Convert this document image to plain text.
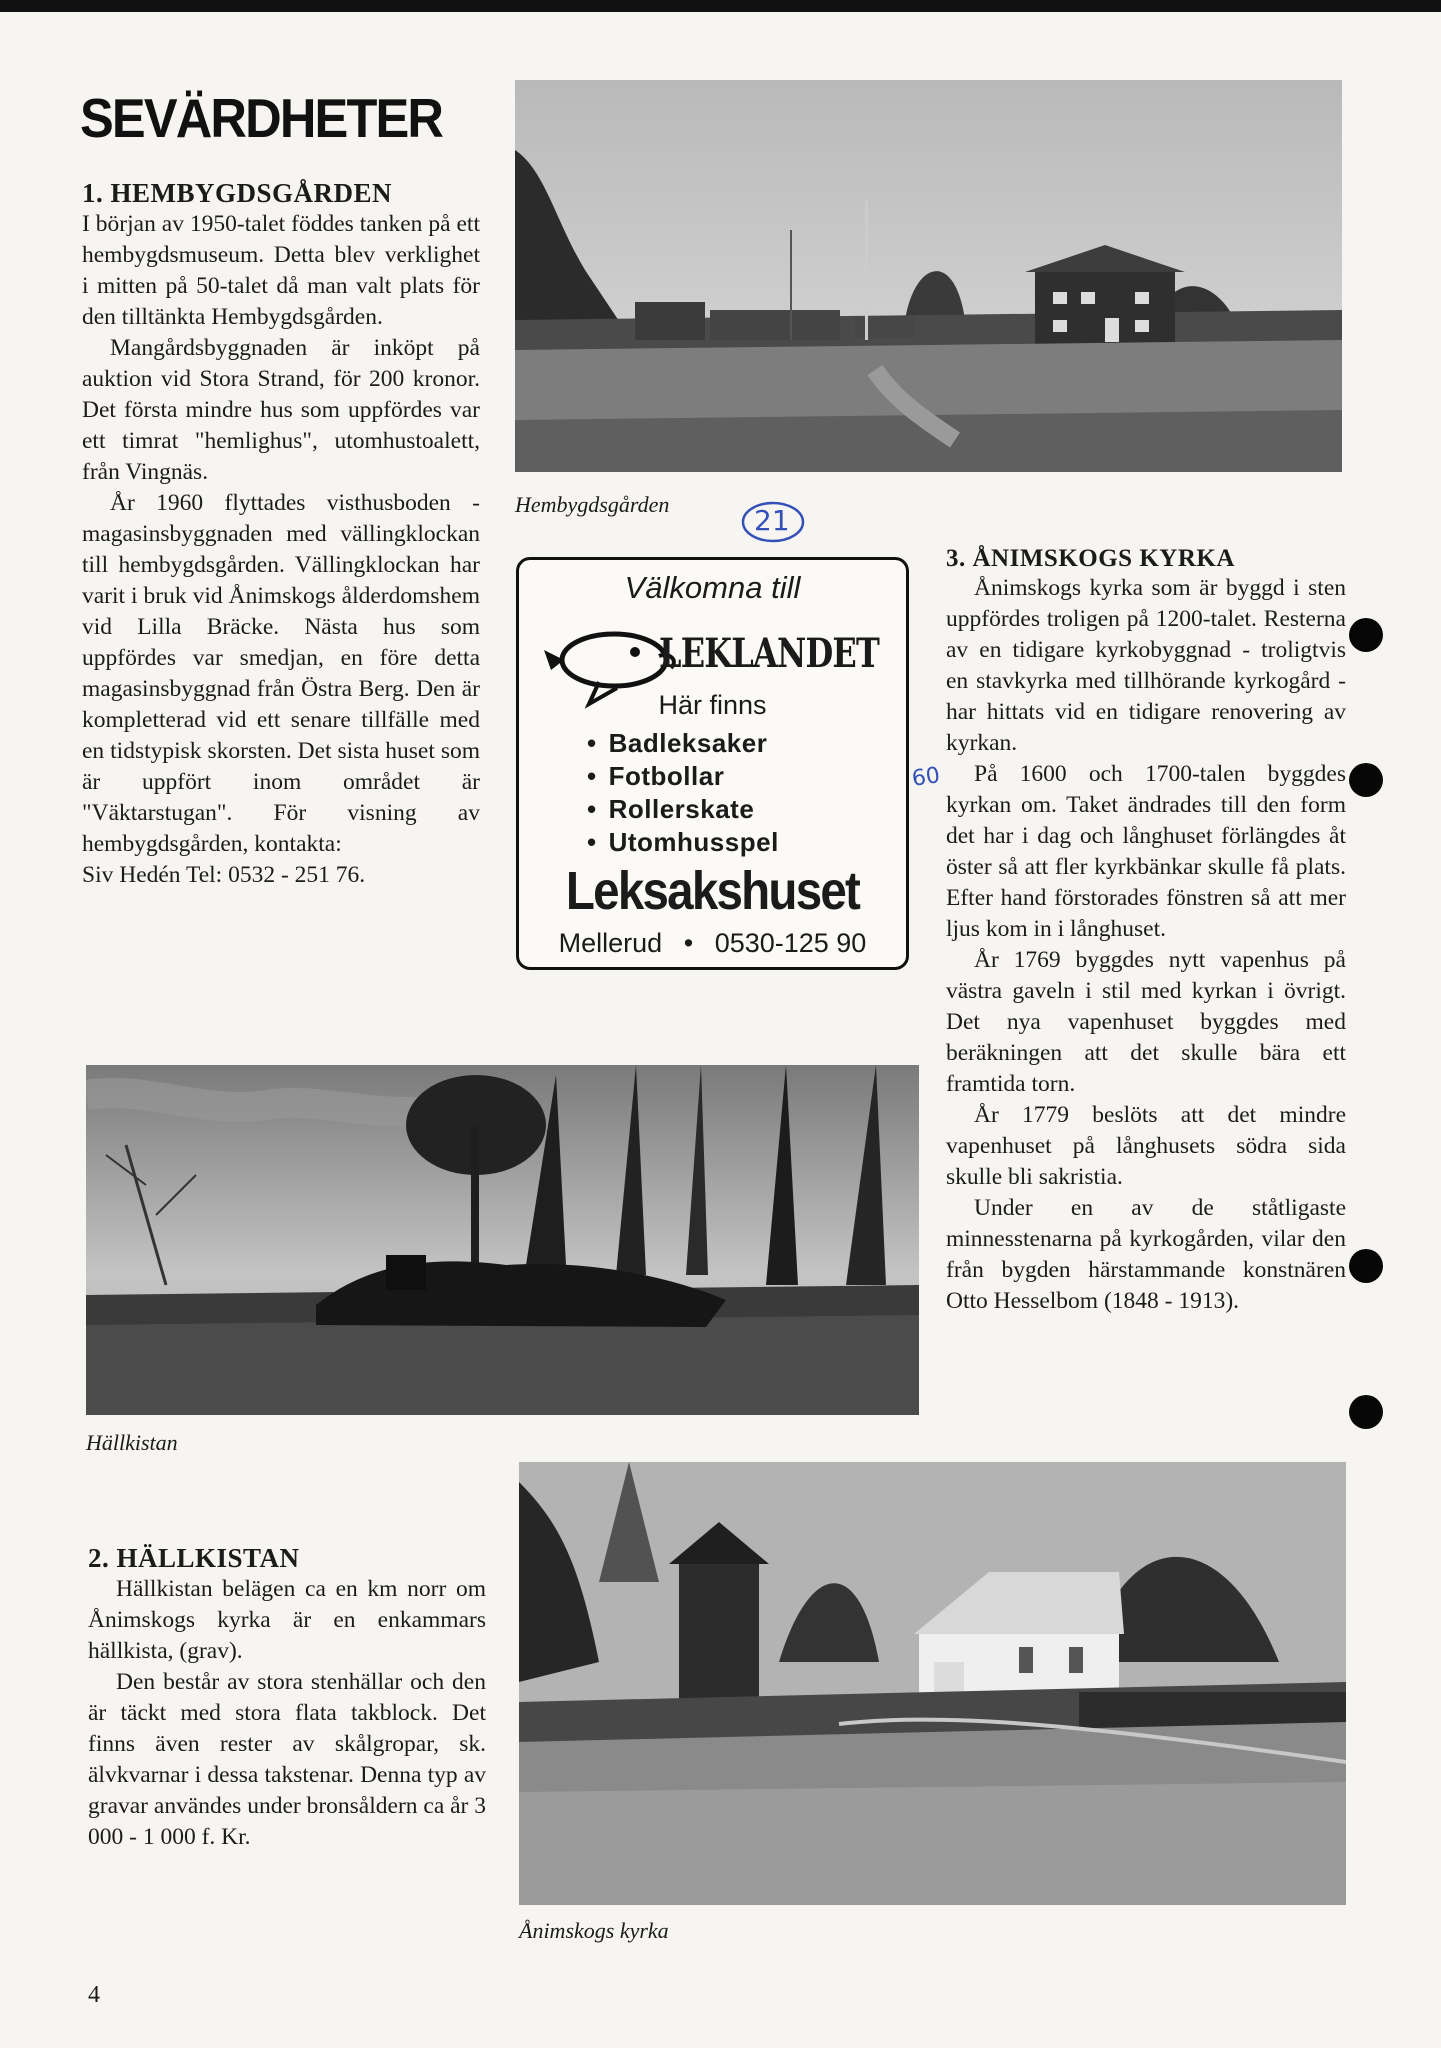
SEVÄRDHETER
1. HEMBYGDSGÅRDEN

I början av 1950-talet föddes tanken på ett hembygdsmuseum. Detta blev verklighet i mitten på 50-talet då man valt plats för den tilltänkta Hembygdsgården.

Mangårdsbyggnaden är inköpt på auktion vid Stora Strand, för 200 kronor. Det första mindre hus som uppfördes var ett timrat "hemlighus", utomhustoalett, från Vingnäs.

År 1960 flyttades visthusboden - magasinsbyggnaden med vällingklockan till hembygdsgården. Vällingklockan har varit i bruk vid Ånimskogs ålderdomshem vid Lilla Bräcke. Nästa hus som uppfördes var smedjan, en före detta magasinsbyggnad från Östra Berg. Den är kompletterad vid ett senare tillfälle med en tidstypisk skorsten. Det sista huset som är uppfört inom området är "Väktarstugan". För visning av hembygdsgården, kontakta:

Siv Hedén Tel: 0532 - 251 76.

Hembygdsgården	21
Välkomna till
LEKLANDET
Här finns
• Badleksaker
• Fotbollar
• Rollerskate
• Utomhusspel
Leksakshuset
Mellerud • 0530-125 90
60
3. ÅNIMSKOGS KYRKA

Ånimskogs kyrka som är byggd i sten uppfördes troligen på 1200-talet. Resterna av en tidigare kyrkobyggnad - troligtvis en stavkyrka med tillhörande kyrkogård - har hittats vid en tidigare renovering av kyrkan.

På 1600 och 1700-talen byggdes kyrkan om. Taket ändrades till den form det har i dag och långhuset förlängdes åt öster så att fler kyrkbänkar skulle få plats. Efter hand förstorades fönstren så att mer ljus kom in i långhuset.

År 1769 byggdes nytt vapenhus på västra gaveln i stil med kyrkan i övrigt. Det nya vapenhuset byggdes med beräkningen att det skulle bära ett framtida torn.

År 1779 beslöts att det mindre vapenhuset på långhusets södra sida skulle bli sakristia.

Under en av de ståtligaste minnesstenarna på kyrkogården, vilar den från bygden härstammande konstnären Otto Hesselbom (1848 - 1913).

Hällkistan
2. HÄLLKISTAN

Hällkistan belägen ca en km norr om Ånimskogs kyrka är en enkammars hällkista, (grav).

Den består av stora stenhällar och den är täckt med stora flata takblock. Det finns även rester av skålgropar, sk. älvkvarnar i dessa takstenar. Denna typ av gravar användes under bronsåldern ca år 3 000 - 1 000 f. Kr.

Ånimskogs kyrka
4
